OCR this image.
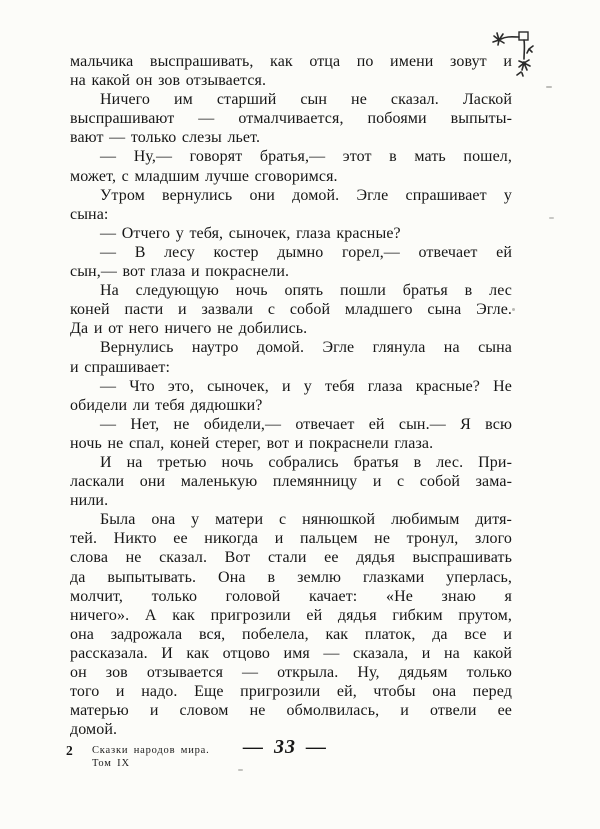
мальчика выспрашивать, как отца по имени зовут и
на какой он зов отзывается.
Ничего им старший сын не сказал. Лаской
выспрашивают — отмалчивается, побоями выпыты-
вают — только слезы льет.
— Ну,— говорят братья,— этот в мать пошел,
может, с младшим лучше сговоримся.
Утром вернулись они домой. Эгле спрашивает у
сына:
— Отчего у тебя, сыночек, глаза красные?
— В лесу костер дымно горел,— отвечает ей
сын,— вот глаза и покраснели.
На следующую ночь опять пошли братья в лес
коней пасти и зазвали с собой младшего сына Эгле.
Да и от него ничего не добились.
Вернулись наутро домой. Эгле глянула на сына
и спрашивает:
— Что это, сыночек, и у тебя глаза красные? Не
обидели ли тебя дядюшки?
— Нет, не обидели,— отвечает ей сын.— Я всю
ночь не спал, коней стерег, вот и покраснели глаза.
И на третью ночь собрались братья в лес. При-
ласкали они маленькую племянницу и с собой зама-
нили.
Была она у матери с нянюшкой любимым дитя-
тей. Никто ее никогда и пальцем не тронул, злого
слова не сказал. Вот стали ее дядья выспрашивать
да выпытывать. Она в землю глазками уперлась,
молчит, только головой качает: «Не знаю я
ничего». А как пригрозили ей дядья гибким прутом,
она задрожала вся, побелела, как платок, да все и
рассказала. И как отцово имя — сказала, и на какой
он зов отзывается — открыла. Ну, дядьям только
того и надо. Еще пригрозили ей, чтобы она перед
матерью и словом не обмолвилась, и отвели ее
домой.
2 Сказки народов мира.
Том IX
— 33 —
